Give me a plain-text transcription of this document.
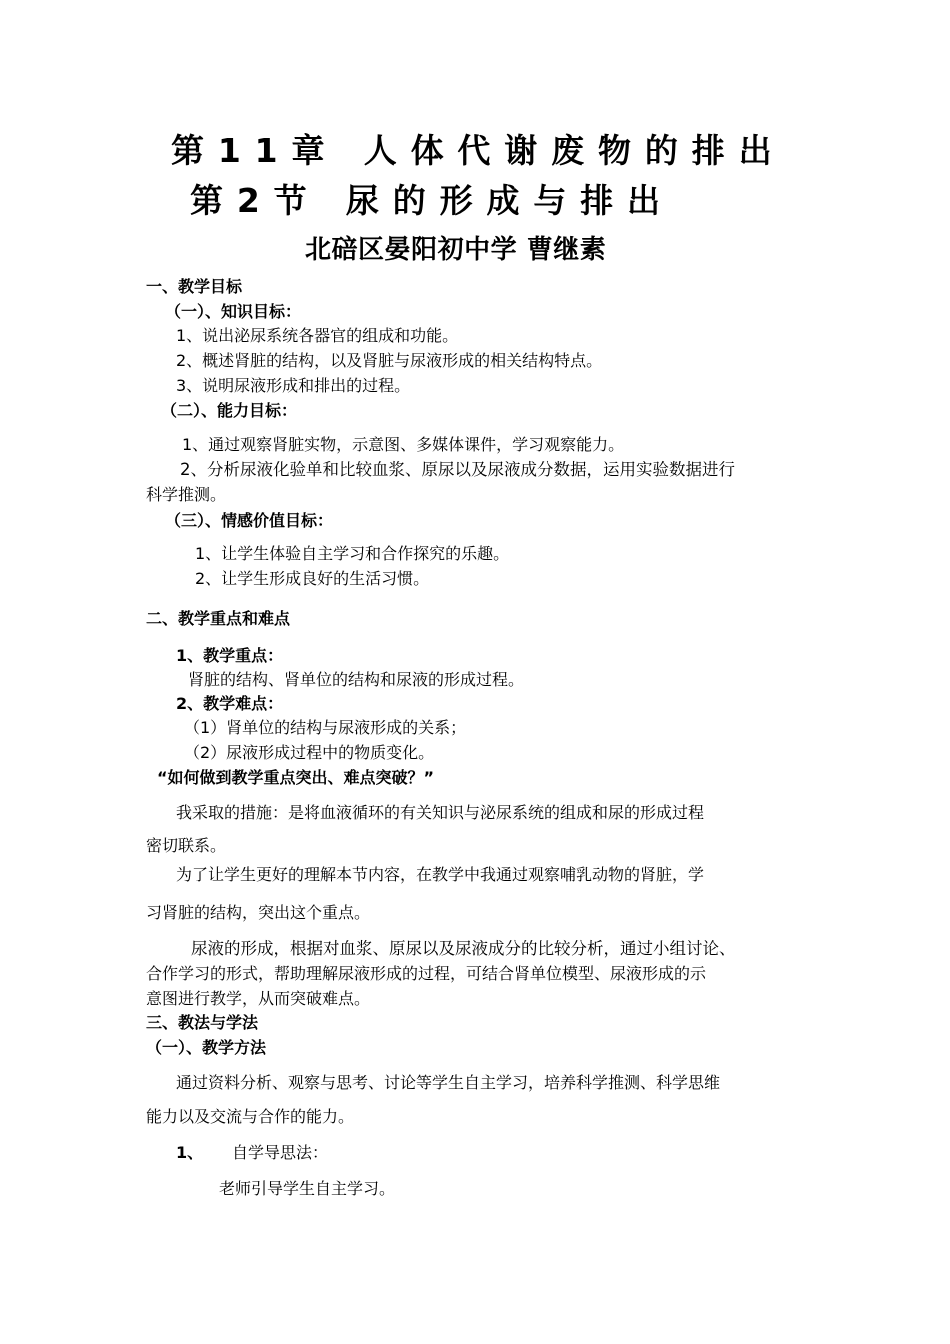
第11章 人体代谢废物的排出
第2节 尿的形成与排出
北碚区晏阳初中学 曹继素
一、教学目标
（一）、知识目标：
1、说出泌尿系统各器官的组成和功能。
2、概述肾脏的结构，以及肾脏与尿液形成的相关结构特点。
3、说明尿液形成和排出的过程。
（二）、能力目标：
1、通过观察肾脏实物，示意图、多媒体课件，学习观察能力。
2、分析尿液化验单和比较血浆、原尿以及尿液成分数据，运用实验数据进行
科学推测。
（三）、情感价值目标：
1、让学生体验自主学习和合作探究的乐趣。
2、让学生形成良好的生活习惯。
二、教学重点和难点
1、教学重点：
肾脏的结构、肾单位的结构和尿液的形成过程。
2、教学难点：
（1）肾单位的结构与尿液形成的关系；
（2）尿液形成过程中的物质变化。
“如何做到教学重点突出、难点突破？”
我采取的措施：是将血液循环的有关知识与泌尿系统的组成和尿的形成过程
密切联系。
为了让学生更好的理解本节内容，在教学中我通过观察哺乳动物的肾脏，学
习肾脏的结构，突出这个重点。
尿液的形成，根据对血浆、原尿以及尿液成分的比较分析，通过小组讨论、
合作学习的形式，帮助理解尿液形成的过程，可结合肾单位模型、尿液形成的示
意图进行教学，从而突破难点。
三、教法与学法
（一）、教学方法
通过资料分析、观察与思考、讨论等学生自主学习，培养科学推测、科学思维
能力以及交流与合作的能力。
1、 自学导思法：
老师引导学生自主学习。
